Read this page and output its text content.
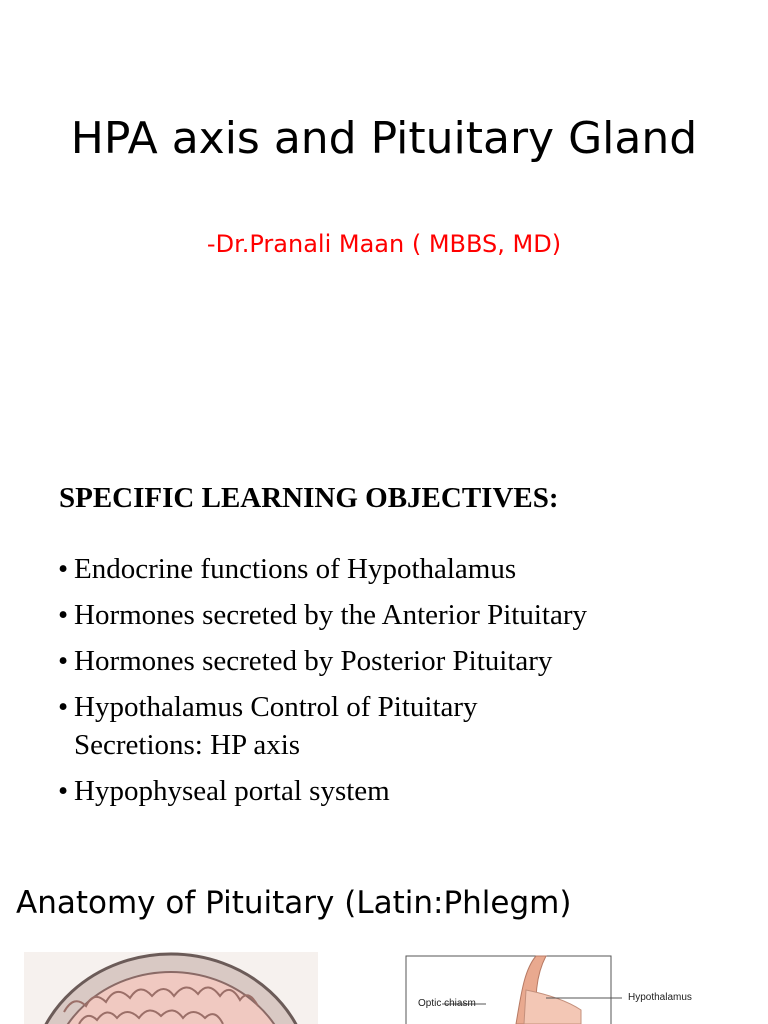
HPA axis and Pituitary Gland
-Dr.Pranali Maan ( MBBS, MD)
SPECIFIC LEARNING OBJECTIVES:
• Endocrine functions of Hypothalamus
• Hormones secreted by the Anterior Pituitary
• Hormones secreted by Posterior Pituitary
• Hypothalamus Control of Pituitary Secretions: HP axis
• Hypophyseal portal system
Anatomy of Pituitary (Latin:Phlegm)
Optic chiasm
Hypothalamus
